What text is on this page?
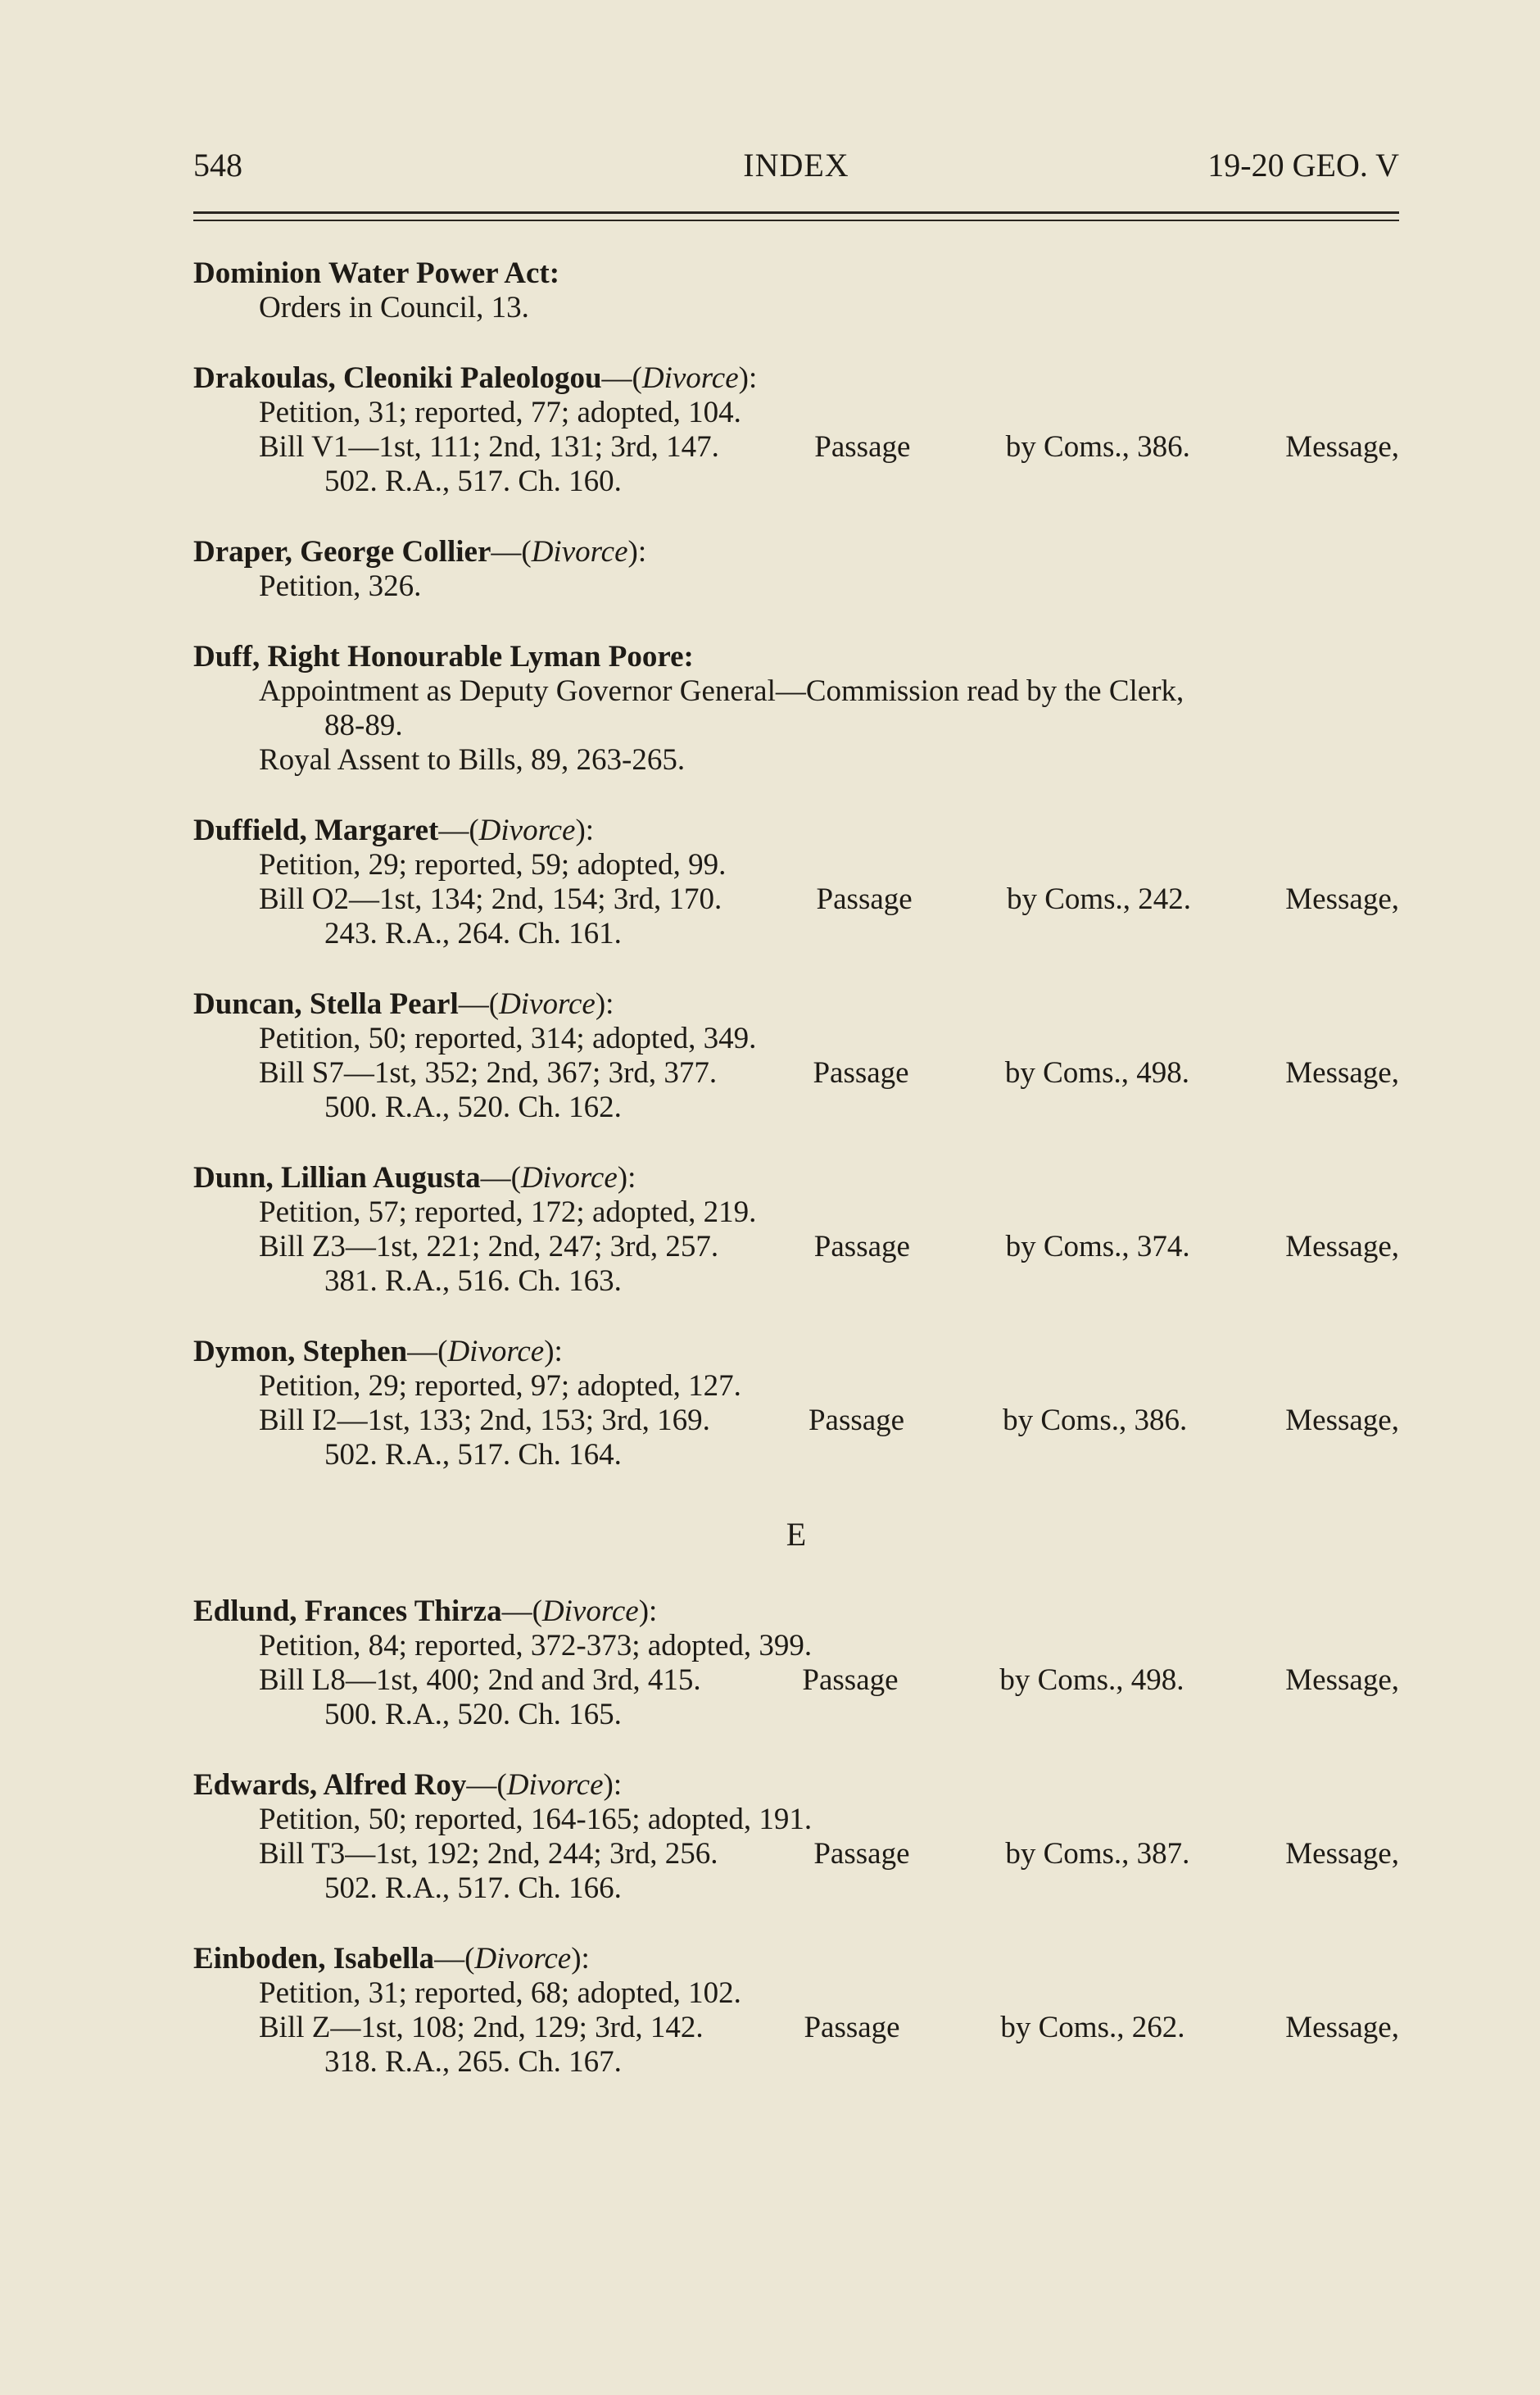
548	INDEX	19-20 GEO. V
Dominion Water Power Act:
Orders in Council, 13.
Drakoulas, Cleoniki Paleologou—(Divorce):
Petition, 31; reported, 77; adopted, 104.
Bill V1—1st, 111; 2nd, 131; 3rd, 147.	Passage	by Coms., 386.	Message,
502. R.A., 517. Ch. 160.
Draper, George Collier—(Divorce):
Petition, 326.
Duff, Right Honourable Lyman Poore:
Appointment as Deputy Governor General—Commission read by the Clerk,
88-89.
Royal Assent to Bills, 89, 263-265.
Duffield, Margaret—(Divorce):
Petition, 29; reported, 59; adopted, 99.
Bill O2—1st, 134; 2nd, 154; 3rd, 170.	Passage	by Coms., 242.	Message,
243. R.A., 264. Ch. 161.
Duncan, Stella Pearl—(Divorce):
Petition, 50; reported, 314; adopted, 349.
Bill S7—1st, 352; 2nd, 367; 3rd, 377.	Passage	by Coms., 498.	Message,
500. R.A., 520. Ch. 162.
Dunn, Lillian Augusta—(Divorce):
Petition, 57; reported, 172; adopted, 219.
Bill Z3—1st, 221; 2nd, 247; 3rd, 257.	Passage	by Coms., 374.	Message,
381. R.A., 516. Ch. 163.
Dymon, Stephen—(Divorce):
Petition, 29; reported, 97; adopted, 127.
Bill I2—1st, 133; 2nd, 153; 3rd, 169.	Passage	by Coms., 386.	Message,
502. R.A., 517. Ch. 164.
E
Edlund, Frances Thirza—(Divorce):
Petition, 84; reported, 372-373; adopted, 399.
Bill L8—1st, 400; 2nd and 3rd, 415.	Passage	by Coms., 498.	Message,
500. R.A., 520. Ch. 165.
Edwards, Alfred Roy—(Divorce):
Petition, 50; reported, 164-165; adopted, 191.
Bill T3—1st, 192; 2nd, 244; 3rd, 256.	Passage	by Coms., 387.	Message,
502. R.A., 517. Ch. 166.
Einboden, Isabella—(Divorce):
Petition, 31; reported, 68; adopted, 102.
Bill Z—1st, 108; 2nd, 129; 3rd, 142.	Passage	by Coms., 262.	Message,
318. R.A., 265. Ch. 167.
